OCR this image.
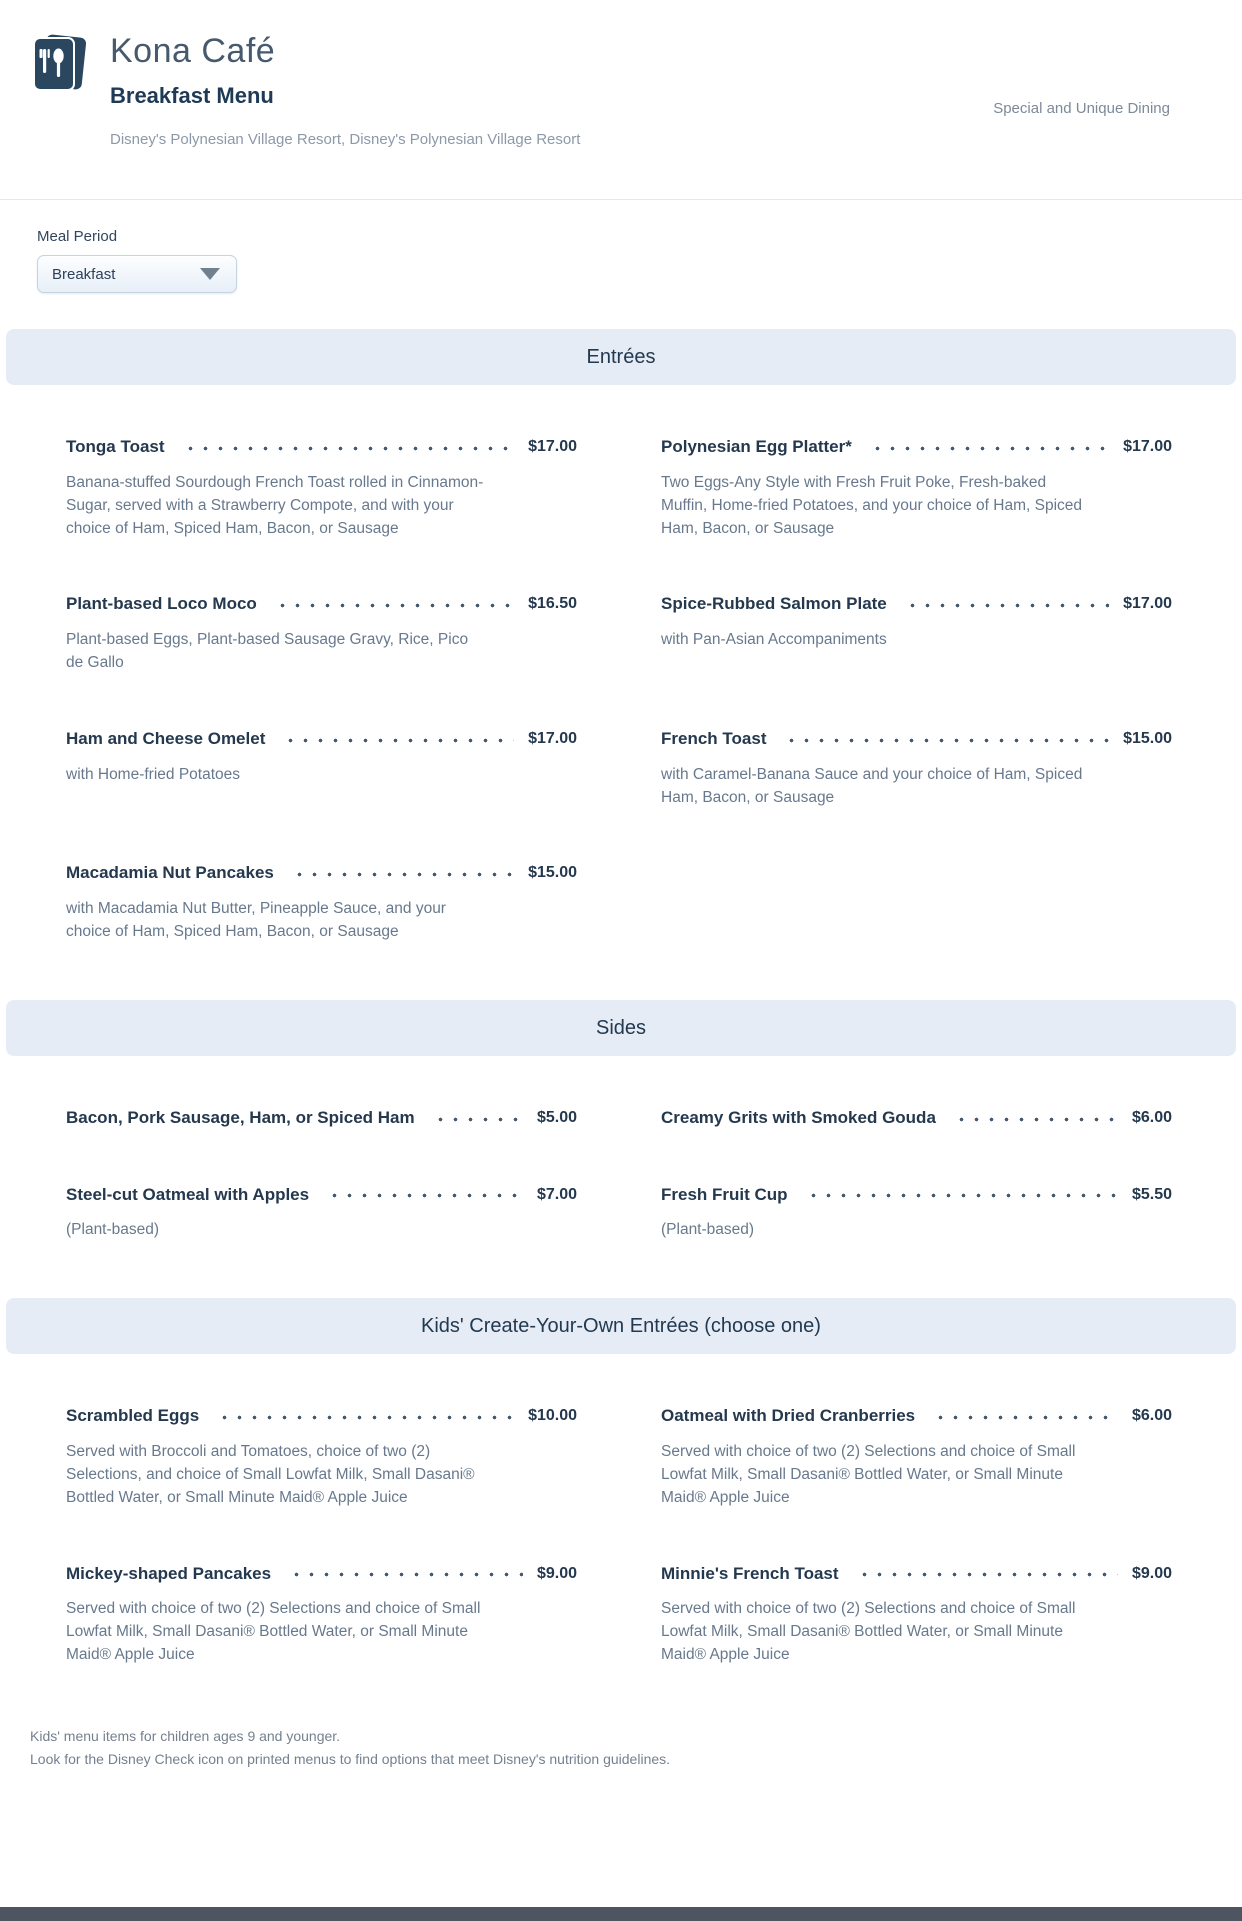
Kona Café
Breakfast Menu
Disney's Polynesian Village Resort, Disney's Polynesian Village Resort
Special and Unique Dining
Meal Period
Breakfast
Entrées
Tonga Toast	$17.00
Banana-stuffed Sourdough French Toast rolled in Cinnamon-Sugar, served with a Strawberry Compote, and with your choice of Ham, Spiced Ham, Bacon, or Sausage
Polynesian Egg Platter*	$17.00
Two Eggs-Any Style with Fresh Fruit Poke, Fresh-baked Muffin, Home-fried Potatoes, and your choice of Ham, Spiced Ham, Bacon, or Sausage
Plant-based Loco Moco	$16.50
Plant-based Eggs, Plant-based Sausage Gravy, Rice, Pico de Gallo
Spice-Rubbed Salmon Plate	$17.00
with Pan-Asian Accompaniments
Ham and Cheese Omelet	$17.00
with Home-fried Potatoes
French Toast	$15.00
with Caramel-Banana Sauce and your choice of Ham, Spiced Ham, Bacon, or Sausage
Macadamia Nut Pancakes	$15.00
with Macadamia Nut Butter, Pineapple Sauce, and your choice of Ham, Spiced Ham, Bacon, or Sausage
Sides
Bacon, Pork Sausage, Ham, or Spiced Ham	$5.00	Creamy Grits with Smoked Gouda	$6.00
Steel-cut Oatmeal with Apples	$7.00
(Plant-based)
Fresh Fruit Cup	$5.50
(Plant-based)
Kids' Create-Your-Own Entrées (choose one)
Scrambled Eggs	$10.00
Served with Broccoli and Tomatoes, choice of two (2) Selections, and choice of Small Lowfat Milk, Small Dasani® Bottled Water, or Small Minute Maid® Apple Juice
Oatmeal with Dried Cranberries	$6.00
Served with choice of two (2) Selections and choice of Small Lowfat Milk, Small Dasani® Bottled Water, or Small Minute Maid® Apple Juice
Mickey-shaped Pancakes	$9.00
Served with choice of two (2) Selections and choice of Small Lowfat Milk, Small Dasani® Bottled Water, or Small Minute Maid® Apple Juice
Minnie's French Toast	$9.00
Served with choice of two (2) Selections and choice of Small Lowfat Milk, Small Dasani® Bottled Water, or Small Minute Maid® Apple Juice
Kids' menu items for children ages 9 and younger.
Look for the Disney Check icon on printed menus to find options that meet Disney's nutrition guidelines.
